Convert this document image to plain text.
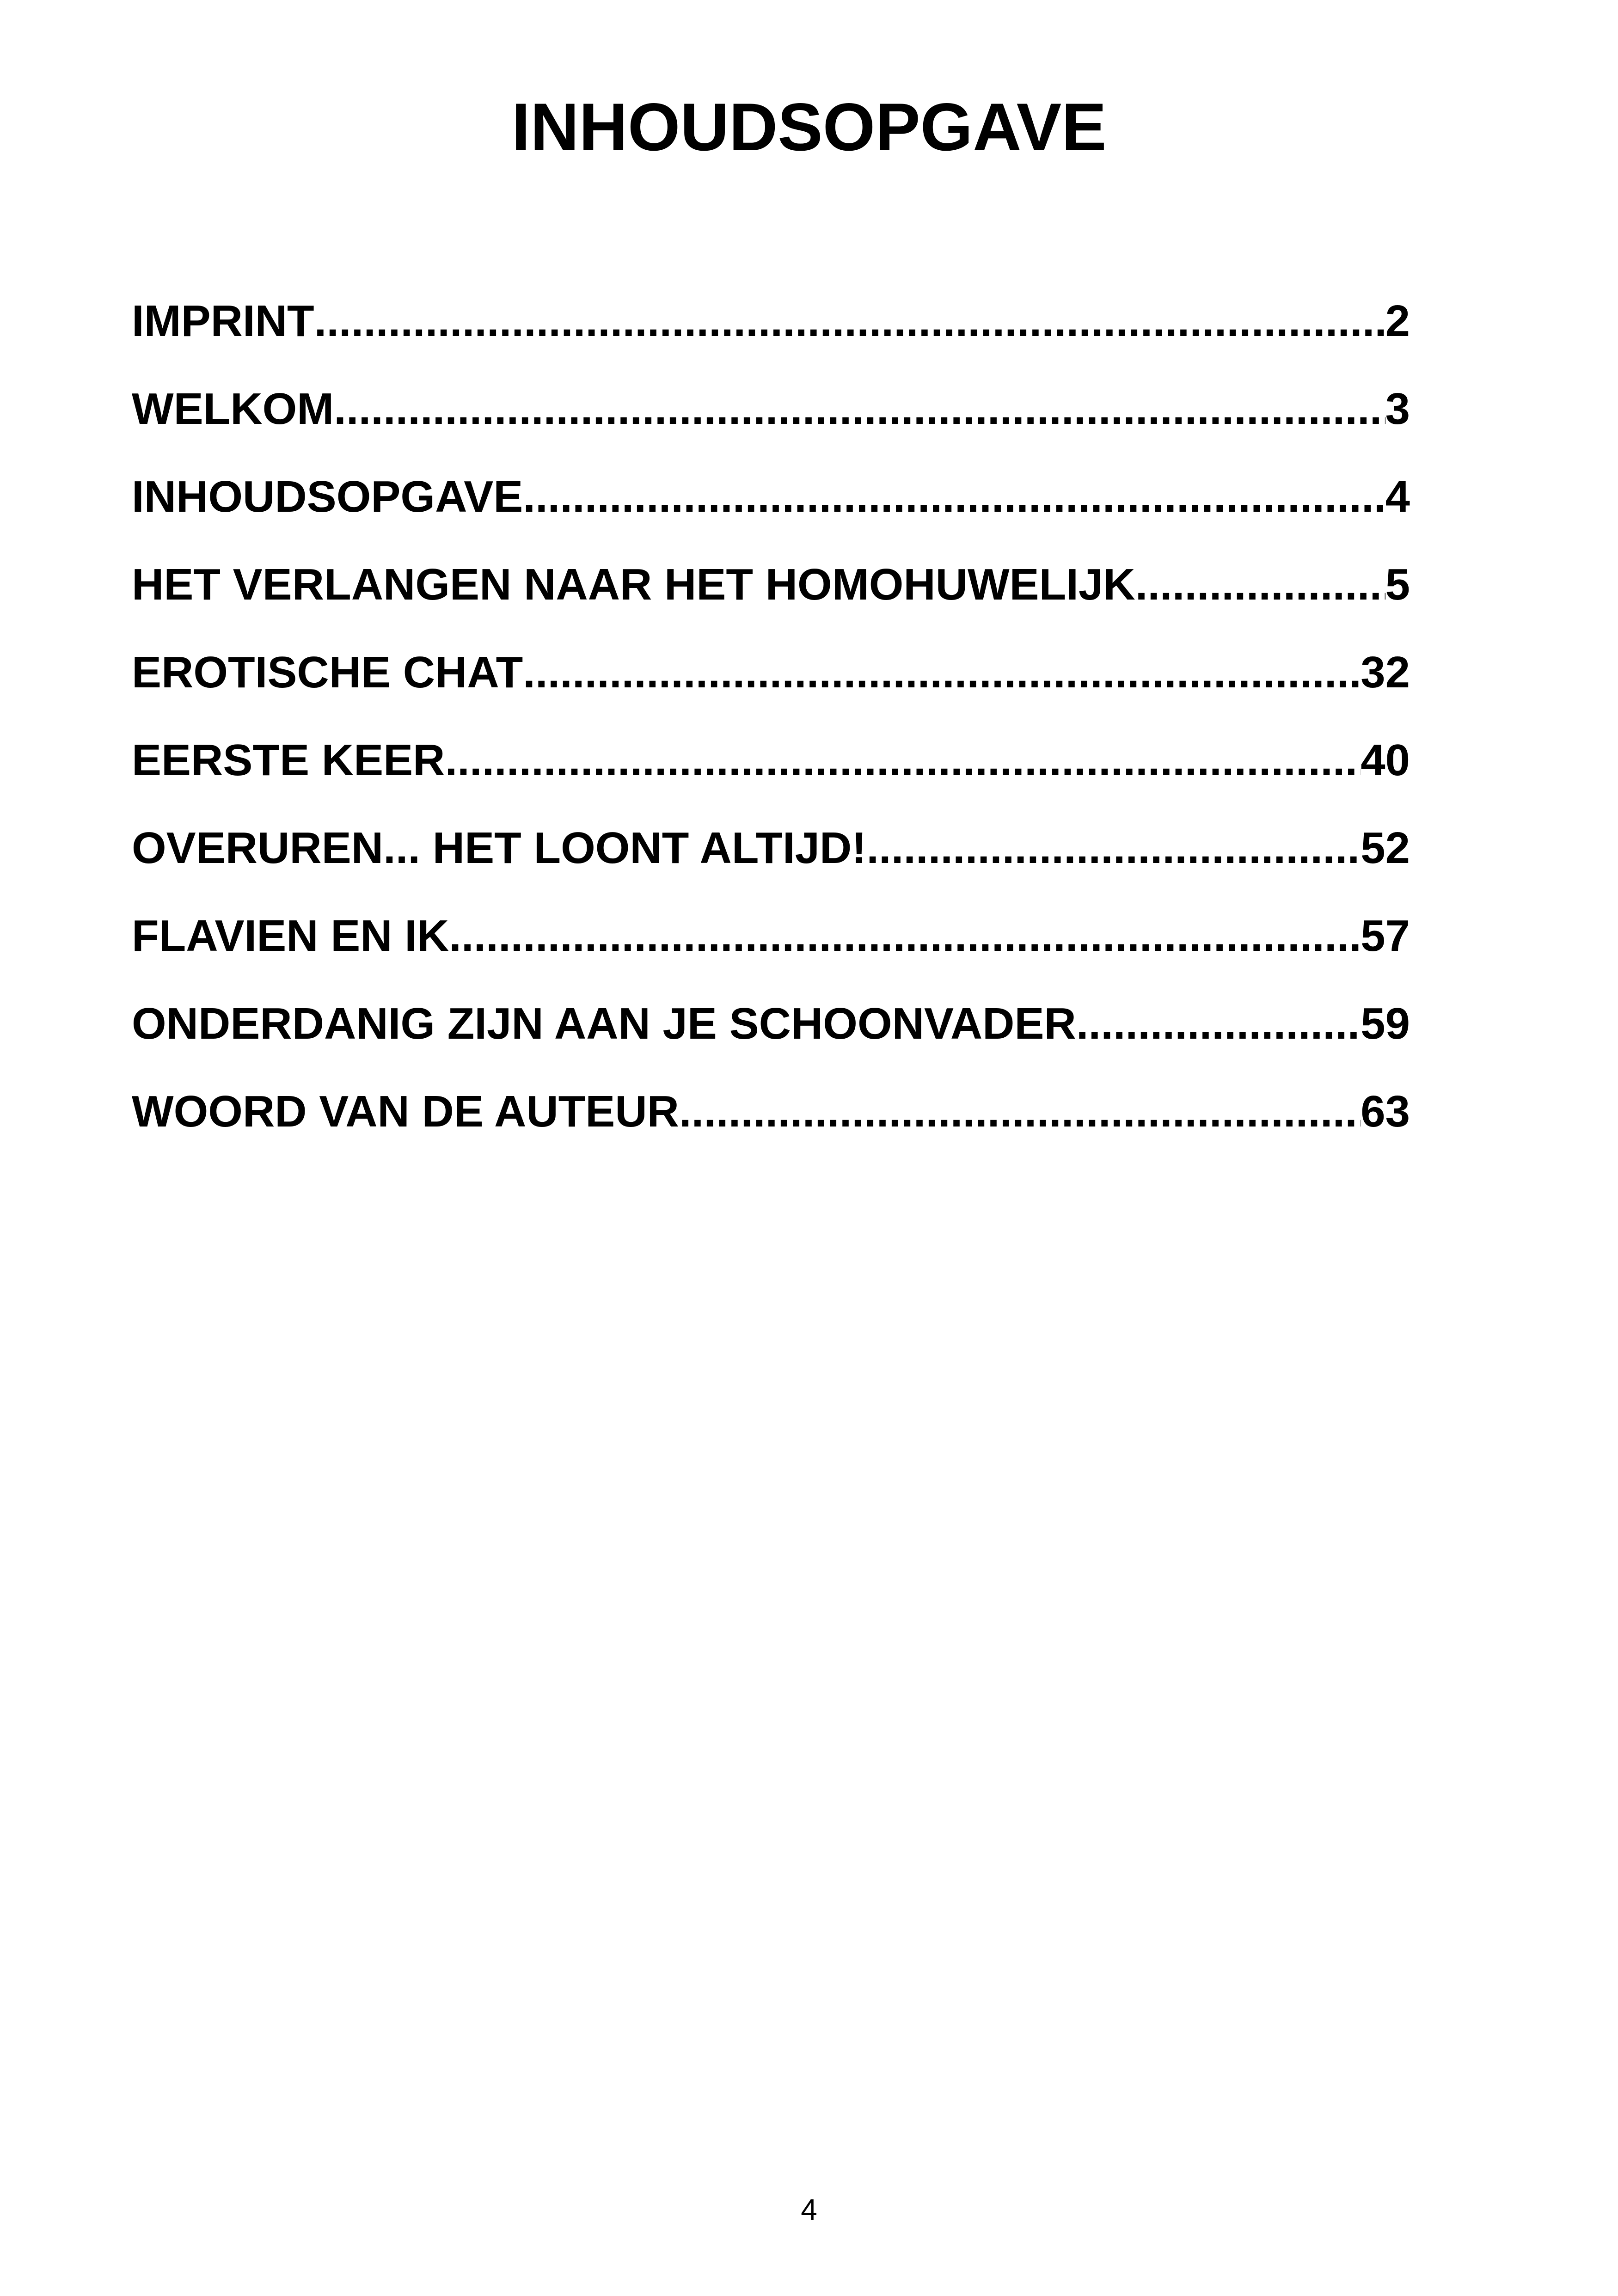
INHOUDSOPGAVE
IMPRINT .....	2
WELKOM .....	3
INHOUDSOPGAVE .....	4
HET VERLANGEN NAAR HET HOMOHUWELIJK .....	5
EROTISCHE CHAT .....	32
EERSTE KEER .....	40
OVERUREN... HET LOONT ALTIJD! .....	52
FLAVIEN EN IK .....	57
ONDERDANIG ZIJN AAN JE SCHOONVADER .....	59
WOORD VAN DE AUTEUR .....	63
4
